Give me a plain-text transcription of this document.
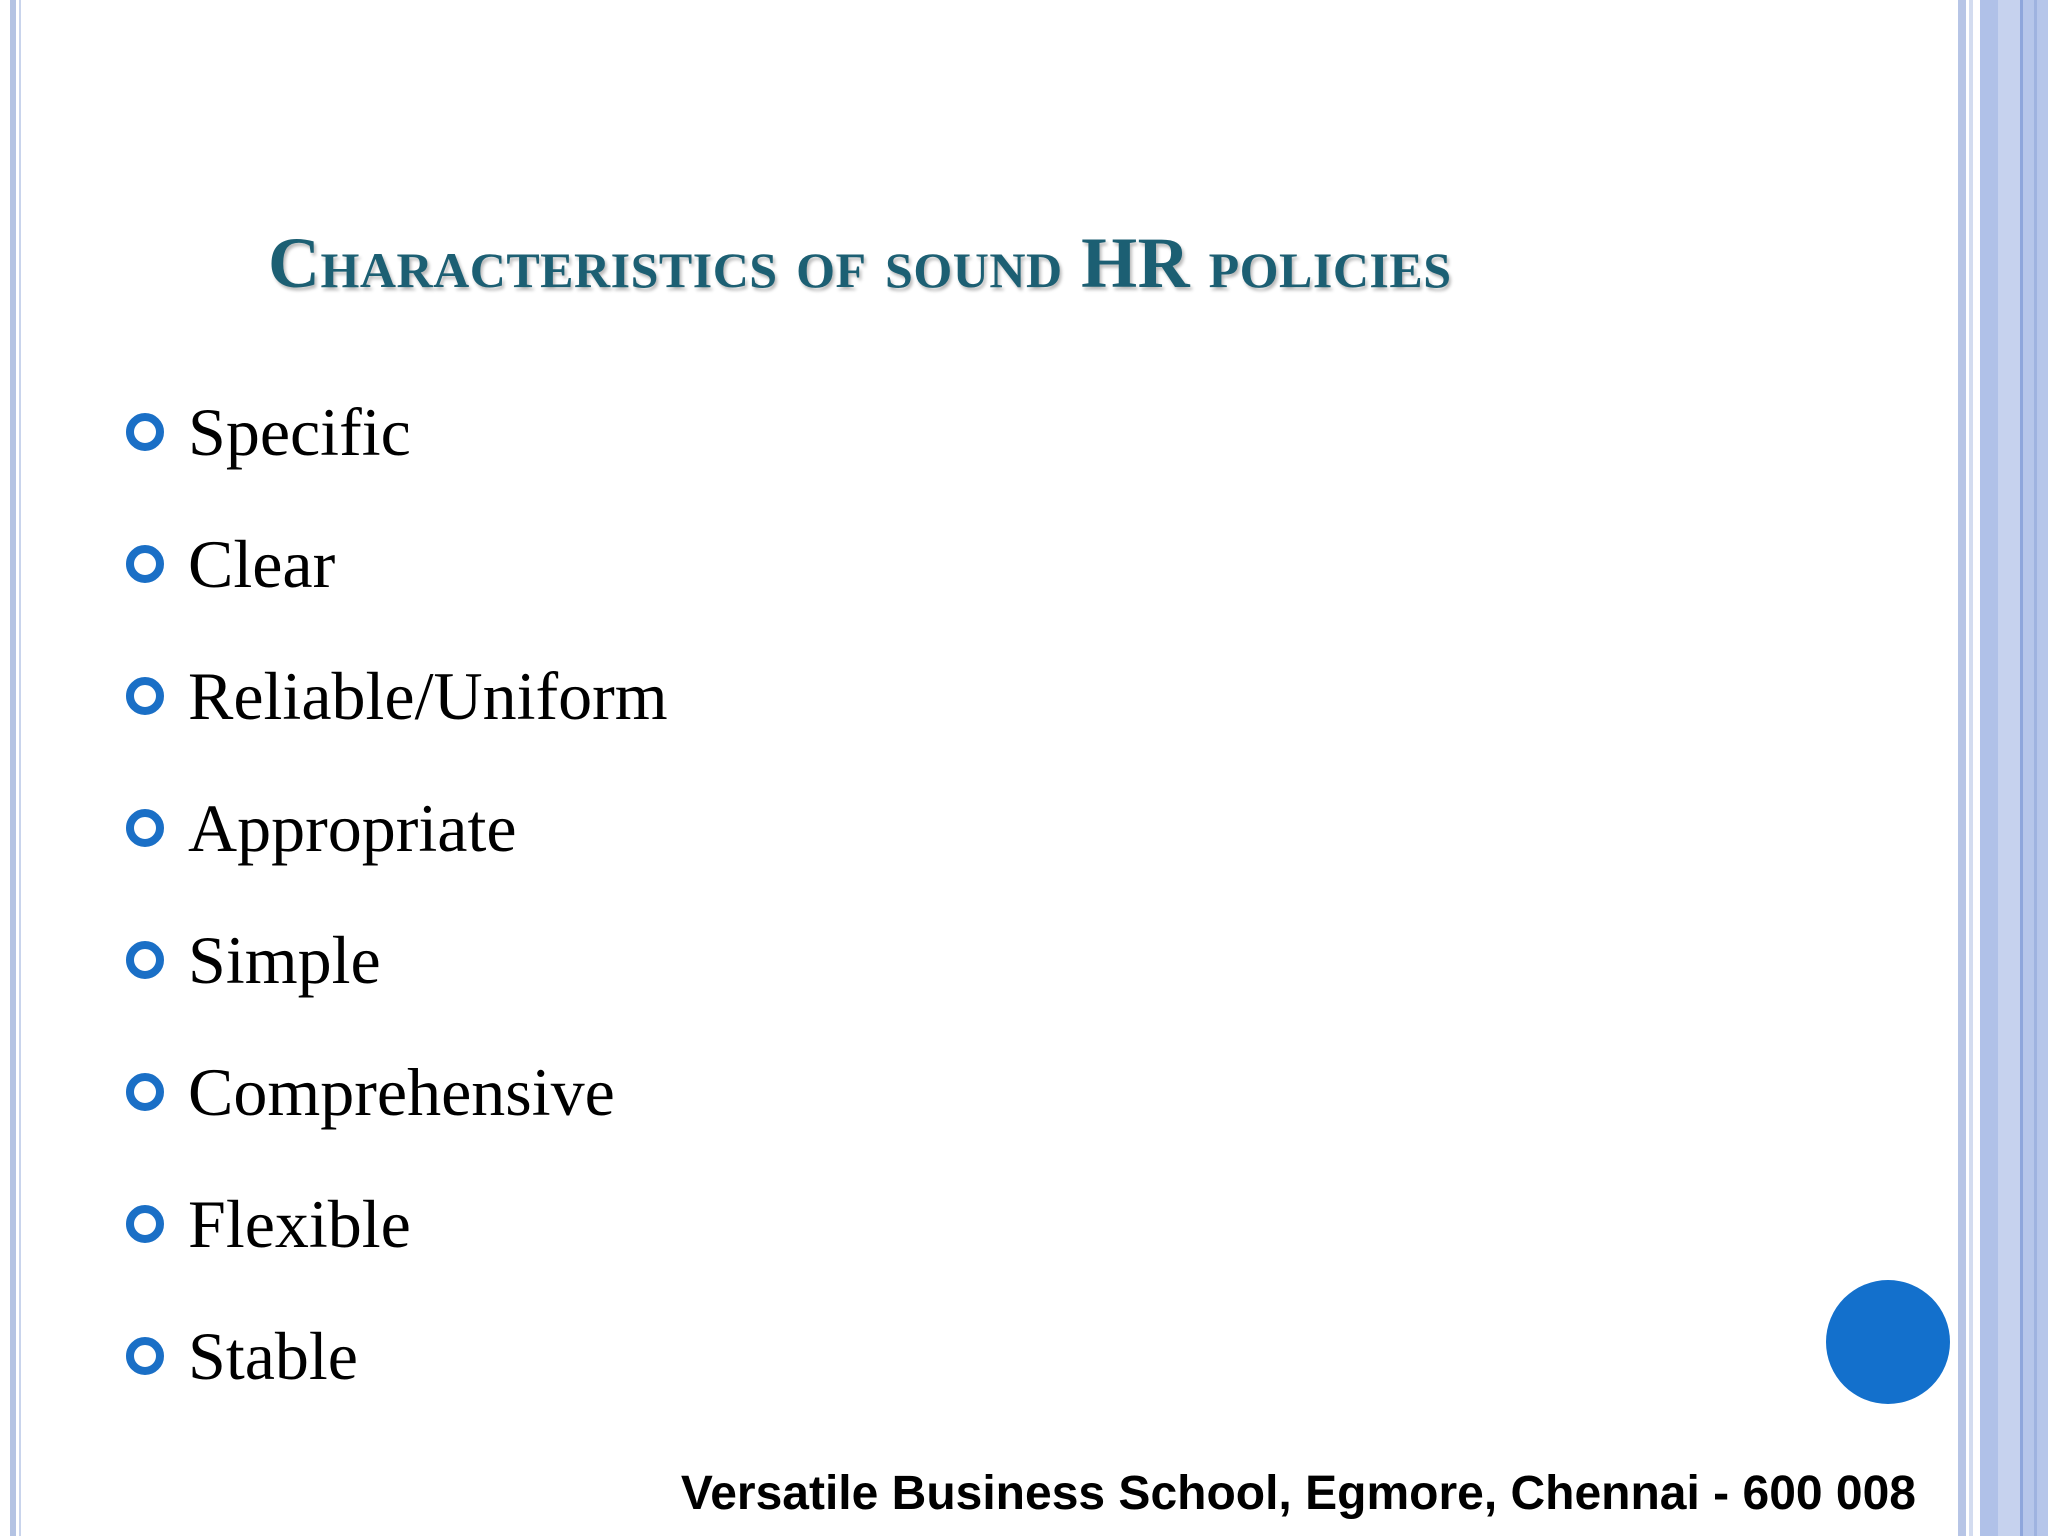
Characteristics of sound HR policies
Specific
Clear
Reliable/Uniform
Appropriate
Simple
Comprehensive
Flexible
Stable
Versatile Business School, Egmore, Chennai - 600 008
